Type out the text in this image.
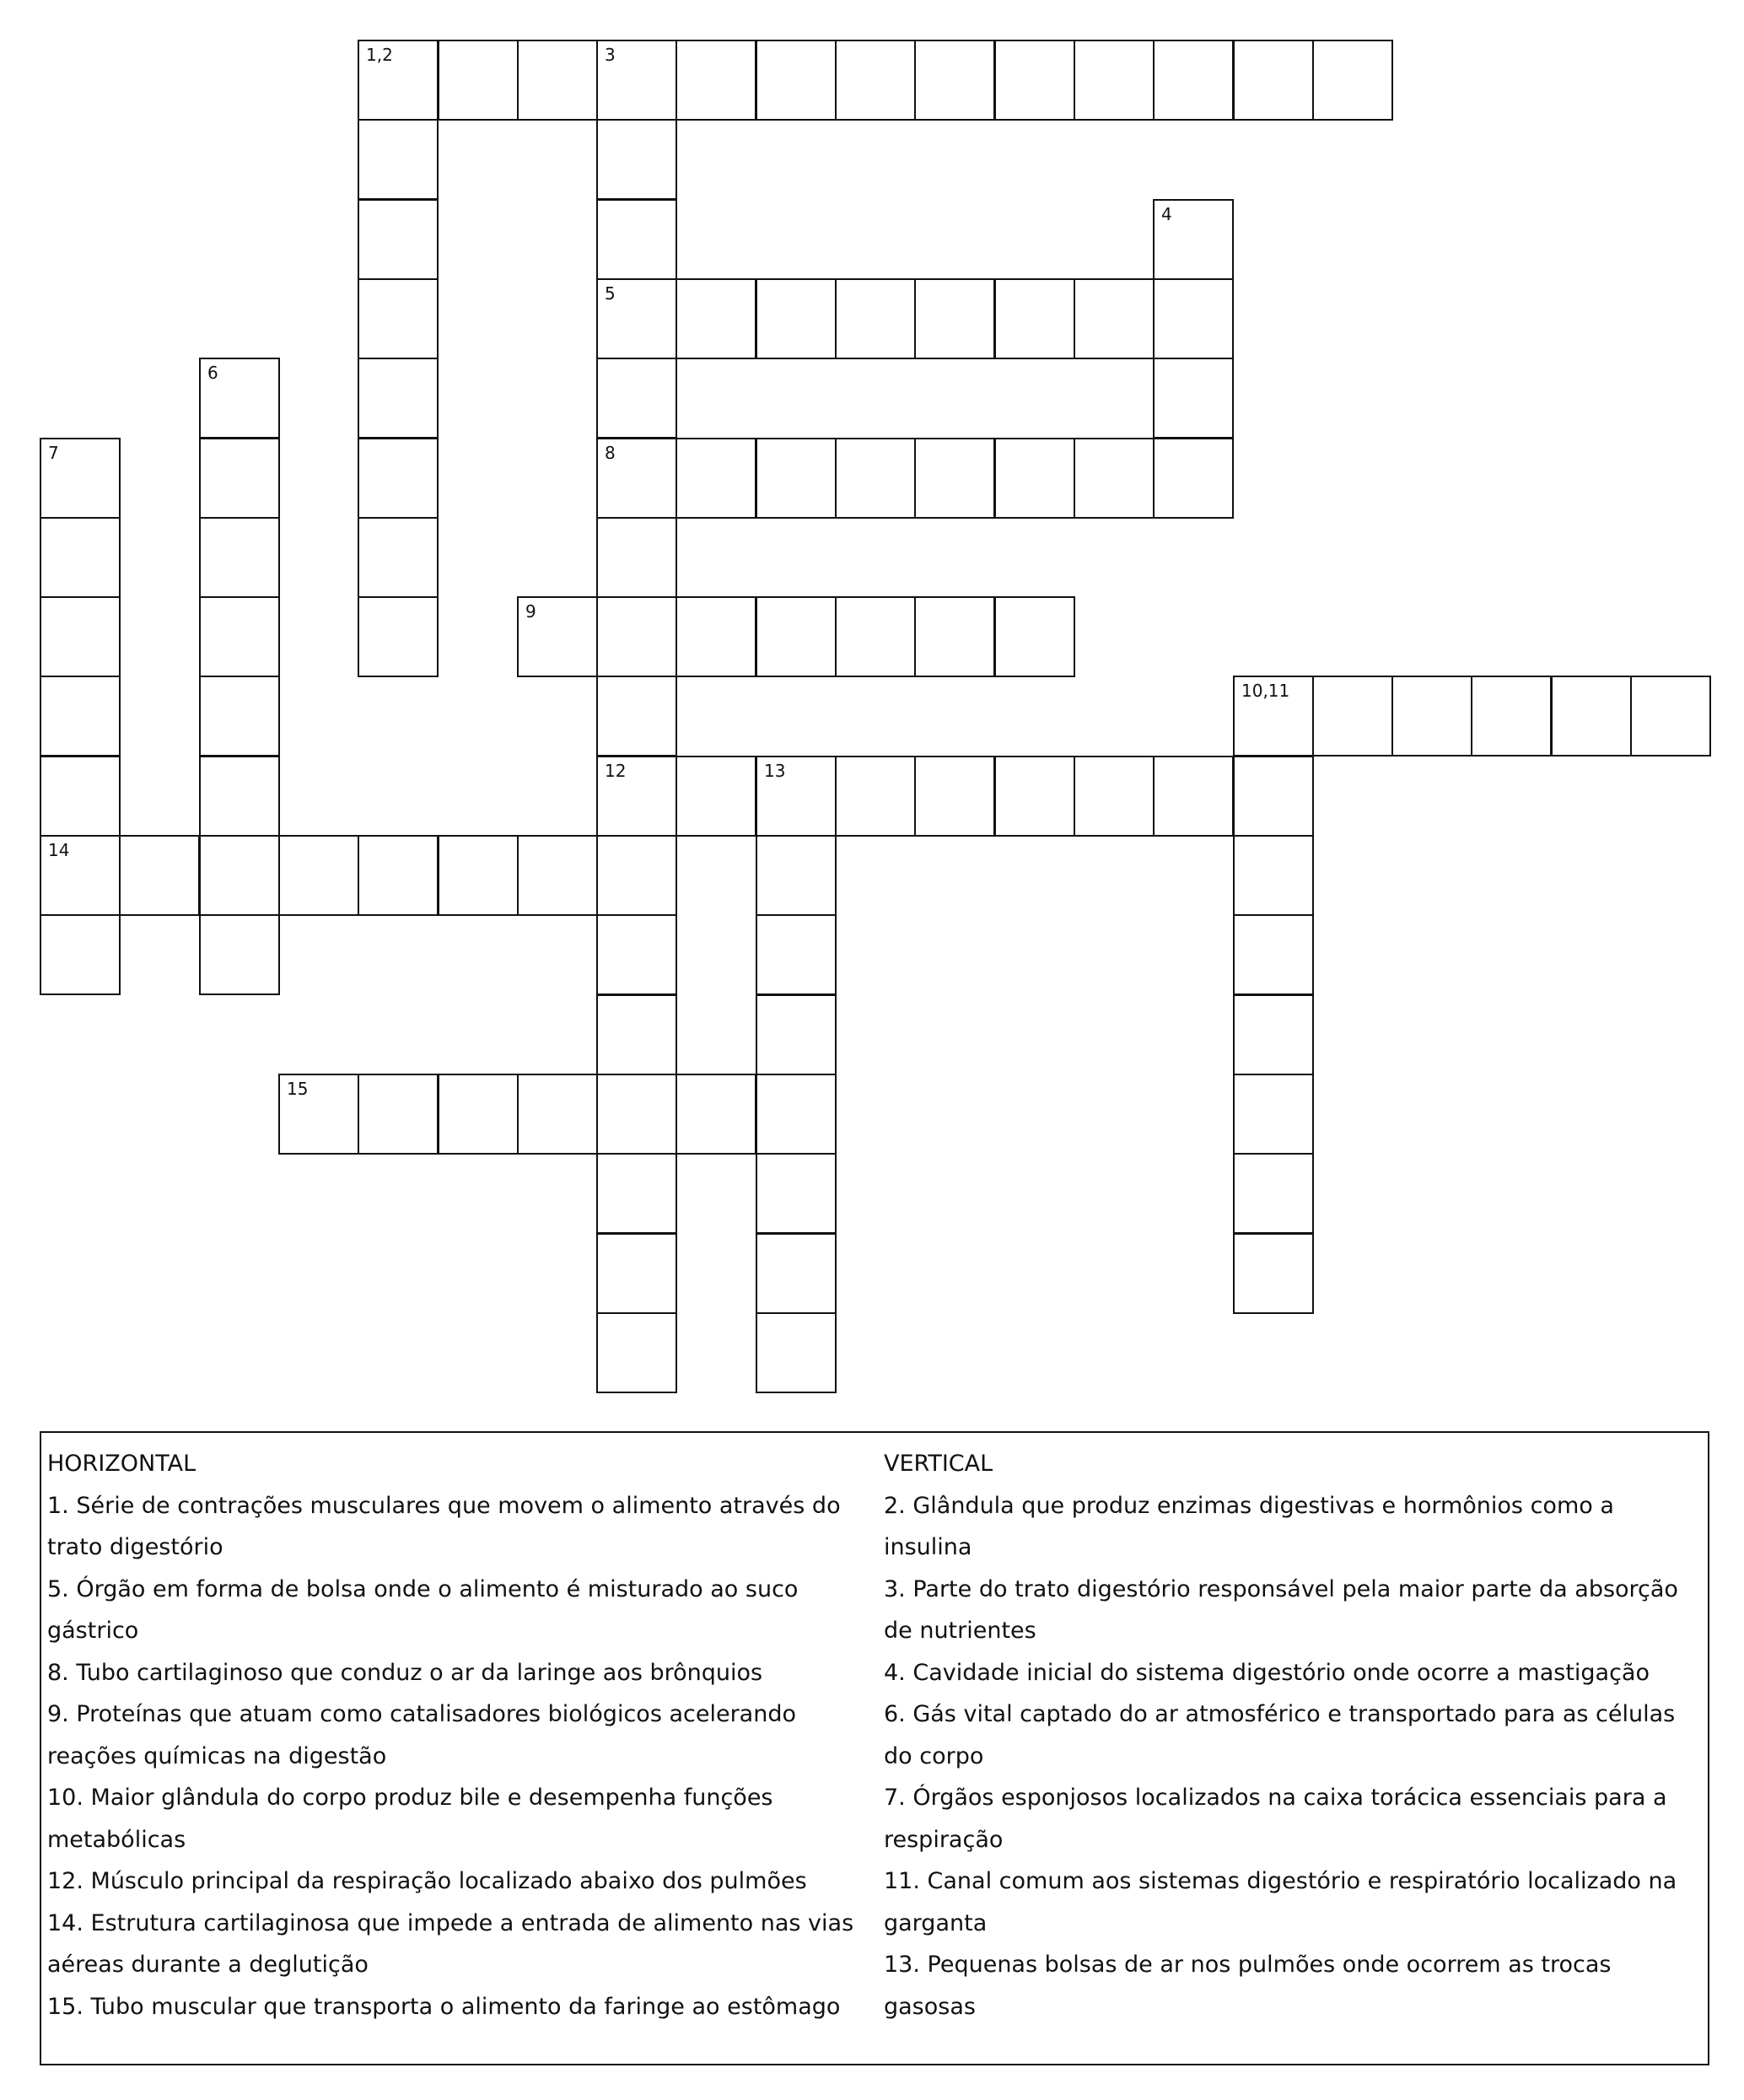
1,2	3
5
8
12
4
6
7
14
9
10,11
13
15
HORIZONTAL
1. Série de contrações musculares que movem o alimento através do trato digestório
5. Órgão em forma de bolsa onde o alimento é misturado ao suco gástrico
8. Tubo cartilaginoso que conduz o ar da laringe aos brônquios
9. Proteínas que atuam como catalisadores biológicos acelerando reações químicas na digestão
10. Maior glândula do corpo produz bile e desempenha funções metabólicas
12. Músculo principal da respiração localizado abaixo dos pulmões
14. Estrutura cartilaginosa que impede a entrada de alimento nas vias aéreas durante a deglutição
15. Tubo muscular que transporta o alimento da faringe ao estômago
VERTICAL
2. Glândula que produz enzimas digestivas e hormônios como a insulina
3. Parte do trato digestório responsável pela maior parte da absorção de nutrientes
4. Cavidade inicial do sistema digestório onde ocorre a mastigação
6. Gás vital captado do ar atmosférico e transportado para as células do corpo
7. Órgãos esponjosos localizados na caixa torácica essenciais para a respiração
11. Canal comum aos sistemas digestório e respiratório localizado na garganta
13. Pequenas bolsas de ar nos pulmões onde ocorrem as trocas gasosas
